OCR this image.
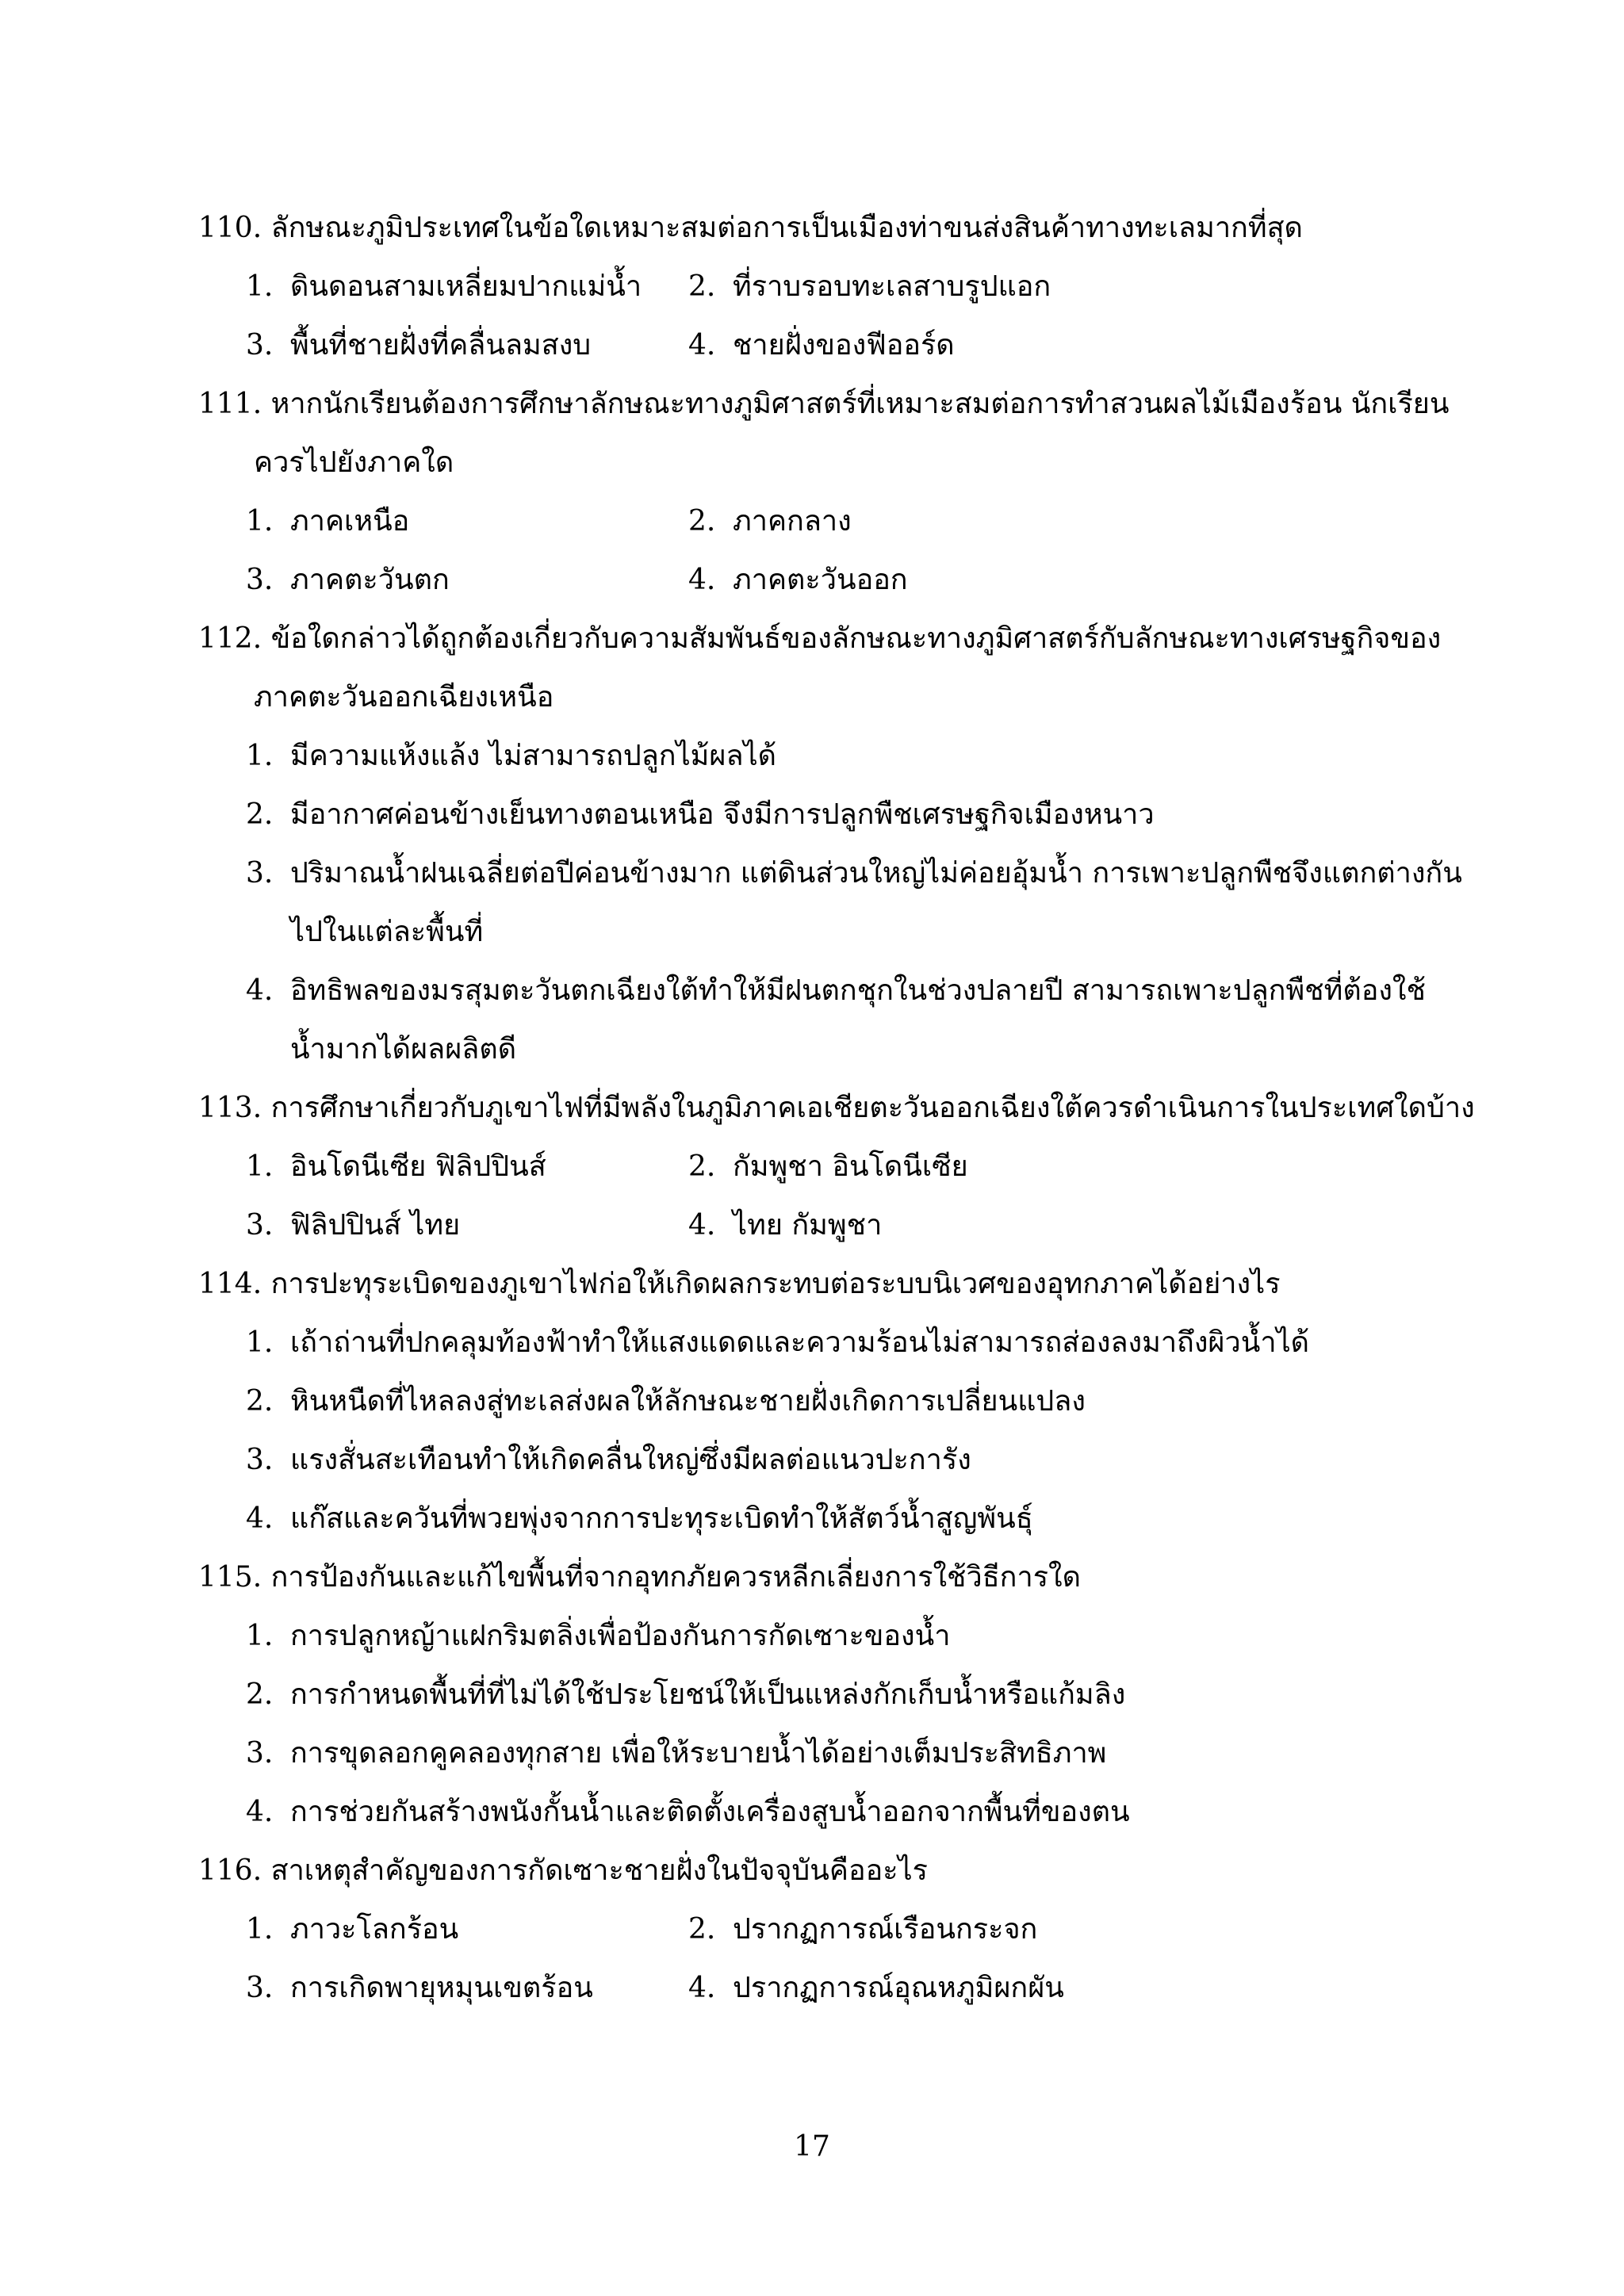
110. ลักษณะภูมิประเทศในข้อใดเหมาะสมต่อการเป็นเมืองท่าขนส่งสินค้าทางทะเลมากที่สุด
1. ดินดอนสามเหลี่ยมปากแม่น้ำ 2. ที่ราบรอบทะเลสาบรูปแอก
3. พื้นที่ชายฝั่งที่คลื่นลมสงบ	4. ชายฝั่งของฟีออร์ด
111. หากนักเรียนต้องการศึกษาลักษณะทางภูมิศาสตร์ที่เหมาะสมต่อการทำสวนผลไม้เมืองร้อน นักเรียน
ควรไปยังภาคใด
1. ภาคเหนือ	2. ภาคกลาง
3. ภาคตะวันตก	4. ภาคตะวันออก
112. ข้อใดกล่าวได้ถูกต้องเกี่ยวกับความสัมพันธ์ของลักษณะทางภูมิศาสตร์กับลักษณะทางเศรษฐกิจของ
ภาคตะวันออกเฉียงเหนือ
1. มีความแห้งแล้ง ไม่สามารถปลูกไม้ผลได้
2. มีอากาศค่อนข้างเย็นทางตอนเหนือ จึงมีการปลูกพืชเศรษฐกิจเมืองหนาว
3. ปริมาณน้ำฝนเฉลี่ยต่อปีค่อนข้างมาก แต่ดินส่วนใหญ่ไม่ค่อยอุ้มน้ำ การเพาะปลูกพืชจึงแตกต่างกัน
ไปในแต่ละพื้นที่
4. อิทธิพลของมรสุมตะวันตกเฉียงใต้ทำให้มีฝนตกชุกในช่วงปลายปี สามารถเพาะปลูกพืชที่ต้องใช้
น้ำมากได้ผลผลิตดี
113. การศึกษาเกี่ยวกับภูเขาไฟที่มีพลังในภูมิภาคเอเชียตะวันออกเฉียงใต้ควรดำเนินการในประเทศใดบ้าง
1. อินโดนีเซีย ฟิลิปปินส์	2. กัมพูชา อินโดนีเซีย
3. ฟิลิปปินส์ ไทย	4. ไทย กัมพูชา
114. การปะทุระเบิดของภูเขาไฟก่อให้เกิดผลกระทบต่อระบบนิเวศของอุทกภาคได้อย่างไร
1. เถ้าถ่านที่ปกคลุมท้องฟ้าทำให้แสงแดดและความร้อนไม่สามารถส่องลงมาถึงผิวน้ำได้
2. หินหนืดที่ไหลลงสู่ทะเลส่งผลให้ลักษณะชายฝั่งเกิดการเปลี่ยนแปลง
3. แรงสั่นสะเทือนทำให้เกิดคลื่นใหญ่ซึ่งมีผลต่อแนวปะการัง
4. แก๊สและควันที่พวยพุ่งจากการปะทุระเบิดทำให้สัตว์น้ำสูญพันธุ์
115. การป้องกันและแก้ไขพื้นที่จากอุทกภัยควรหลีกเลี่ยงการใช้วิธีการใด
1. การปลูกหญ้าแฝกริมตลิ่งเพื่อป้องกันการกัดเซาะของน้ำ
2. การกำหนดพื้นที่ที่ไม่ได้ใช้ประโยชน์ให้เป็นแหล่งกักเก็บน้ำหรือแก้มลิง
3. การขุดลอกคูคลองทุกสาย เพื่อให้ระบายน้ำได้อย่างเต็มประสิทธิภาพ
4. การช่วยกันสร้างพนังกั้นน้ำและติดตั้งเครื่องสูบน้ำออกจากพื้นที่ของตน
116. สาเหตุสำคัญของการกัดเซาะชายฝั่งในปัจจุบันคืออะไร
1. ภาวะโลกร้อน	2. ปรากฏการณ์เรือนกระจก
3. การเกิดพายุหมุนเขตร้อน	4. ปรากฏการณ์อุณหภูมิผกผัน
17
